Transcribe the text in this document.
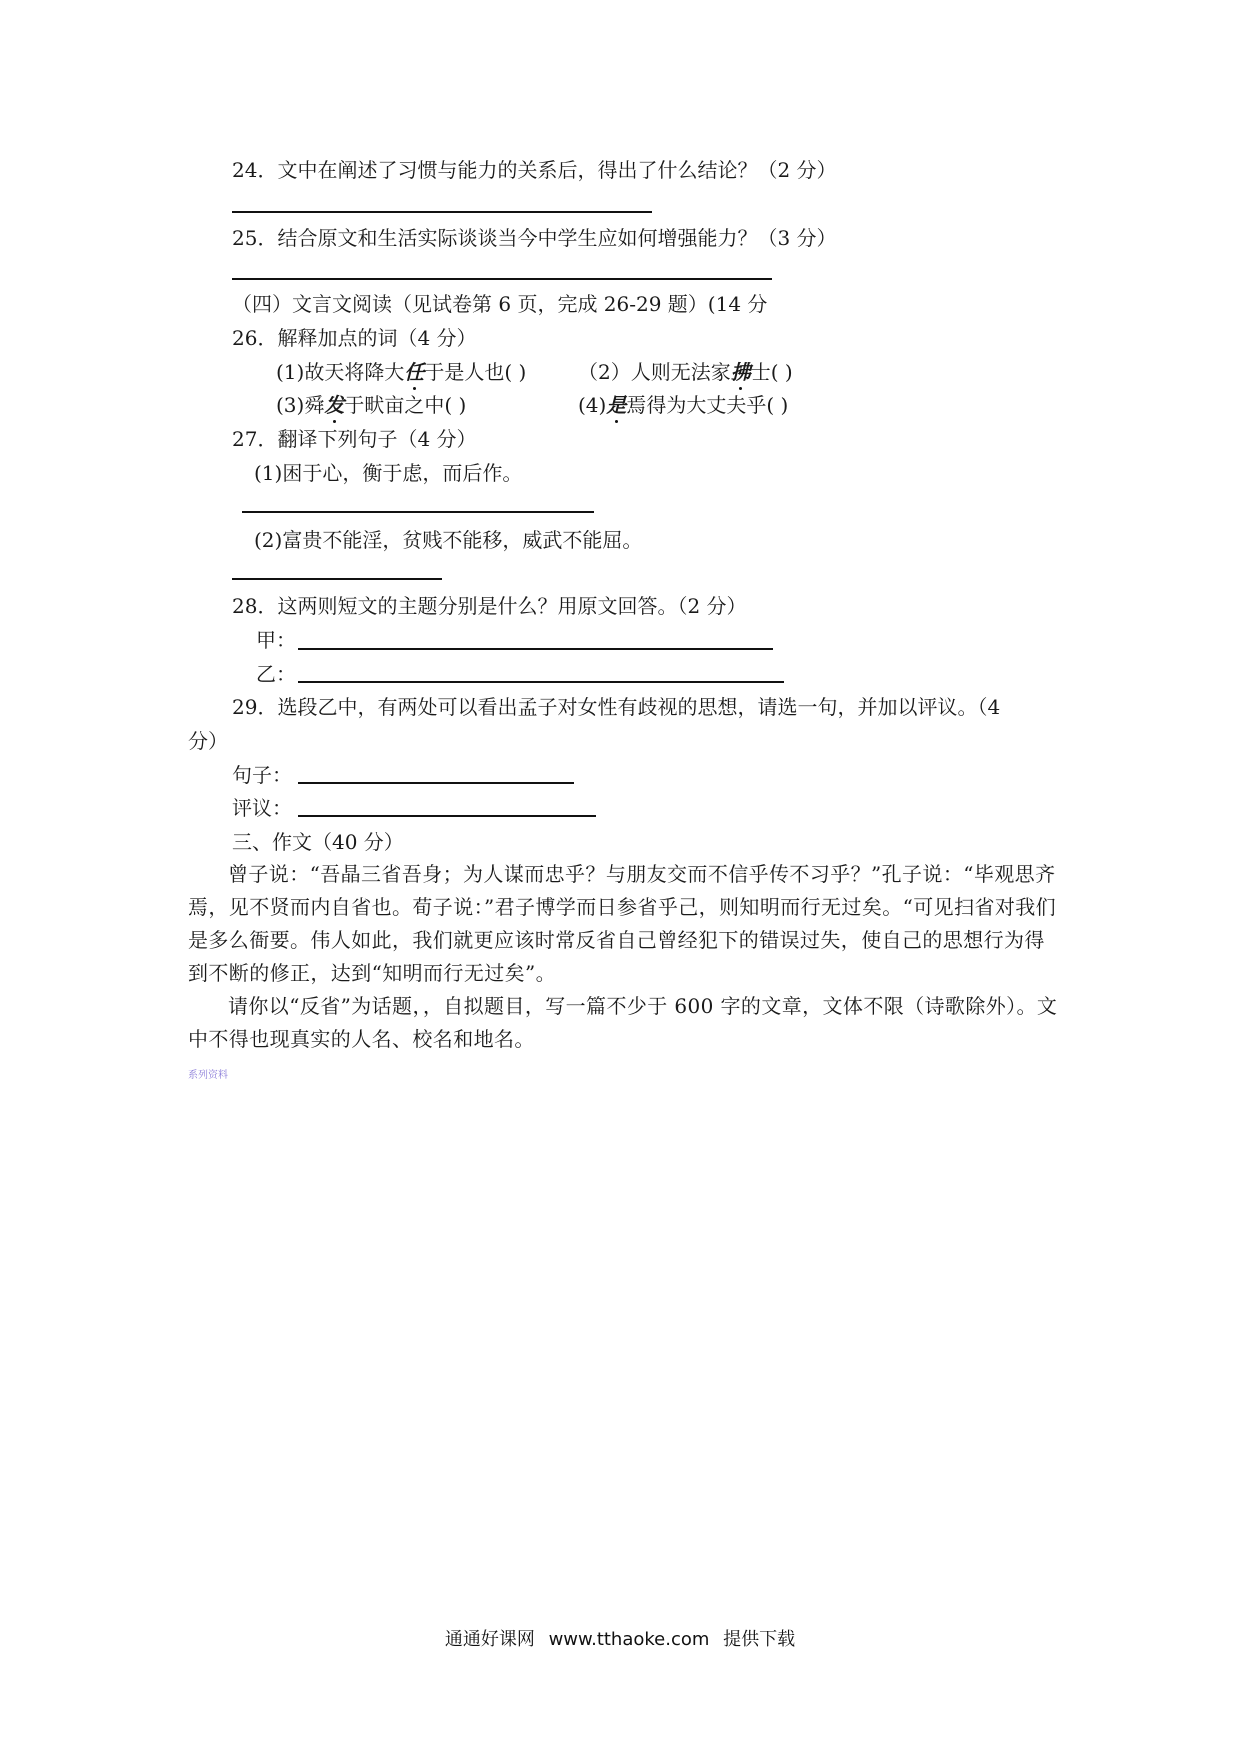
24．文中在阐述了习惯与能力的关系后，得出了什么结论？（2 分）
25．结合原文和生活实际谈谈当今中学生应如何增强能力？（3 分）
（四）文言文阅读（见试卷第 6 页，完成 26-29 题）(14 分
26．解释加点的词（4 分）
(1)故天将降大任于是人也( )	（2）人则无法家拂士( )
(3)舜发于畎亩之中( )	(4)是焉得为大丈夫乎( )
27．翻译下列句子（4 分）
(1)困于心，衡于虑，而后作。
(2)富贵不能淫，贫贱不能移，威武不能屈。
28．这两则短文的主题分别是什么？用原文回答。（2 分）
甲：
乙：
29．选段乙中，有两处可以看出孟子对女性有歧视的思想，请选一句，并加以评议。（4
分）
句子：
评议：
三、作文（40 分）
曾子说：“吾晶三省吾身；为人谋而忠乎？与朋友交而不信乎传不习乎？”孔子说：“毕观思齐焉，见不贤而内自省也。荀子说：”君子博学而日参省乎己，则知明而行无过矣。“可见扫省对我们是多么衙要。伟人如此，我们就更应该时常反省自己曾经犯下的错误过失，使自己的思想行为得到不断的修正，达到“知明而行无过矣”。
请你以“反省”为话题，，自拟题目，写一篇不少于 600 字的文章，文体不限（诗歌除外）。文中不得也现真实的人名、校名和地名。
系列资料
通通好课网 www.tthaoke.com 提供下载
